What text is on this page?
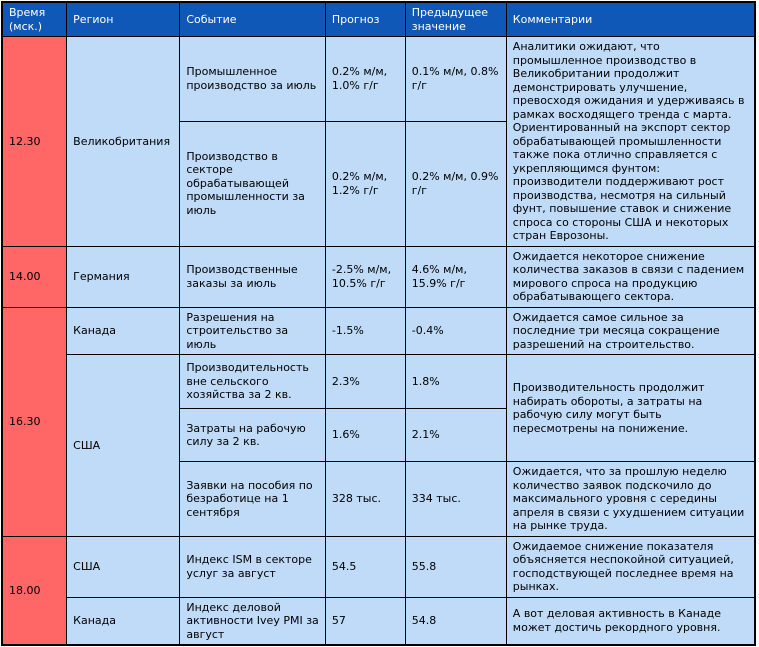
Время (мск.)	Регион	Событие	Прогноз	Предыдущее значение	Комментарии
12.30	Великобритания	Промышленное производство за июль	0.2% м/м, 1.0% г/г	0.1% м/м, 0.8% г/г	Аналитики ожидают, что промышленное производство в Великобритании продолжит демонстрировать улучшение, превосходя ожидания и удерживаясь в рамках восходящего тренда с марта. Ориентированный на экспорт сектор обрабатывающей промышленности также пока отлично справляется с укрепляющимся фунтом: производители поддерживают рост производства, несмотря на сильный фунт, повышение ставок и снижение спроса со стороны США и некоторых стран Еврозоны.
		Производство в секторе обрабатывающей промышленности за июль	0.2% м/м, 1.2% г/г	0.2% м/м, 0.9% г/г	
14.00	Германия	Производственные заказы за июль	-2.5% м/м, 10.5% г/г	4.6% м/м, 15.9% г/г	Ожидается некоторое снижение количества заказов в связи с падением мирового спроса на продукцию обрабатывающего сектора.
16.30	Канада	Разрешения на строительство за июль	-1.5%	-0.4%	Ожидается самое сильное за последние три месяца сокращение разрешений на строительство.
	США	Производительность вне сельского хозяйства за 2 кв.	2.3%	1.8%	Производительность продолжит набирать обороты, а затраты на рабочую силу могут быть пересмотрены на понижение.
		Затраты на рабочую силу за 2 кв.	1.6%	2.1%	
		Заявки на пособия по безработице на 1 сентября	328 тыс.	334 тыс.	Ожидается, что за прошлую неделю количество заявок подскочило до максимального уровня с середины апреля в связи с ухудшением ситуации на рынке труда.
18.00	США	Индекс ISM в секторе услуг за август	54.5	55.8	Ожидаемое снижение показателя объясняется неспокойной ситуацией, господствующей последнее время на рынках.
	Канада	Индекс деловой активности Ivey PMI за август	57	54.8	А вот деловая активность в Канаде может достичь рекордного уровня.
